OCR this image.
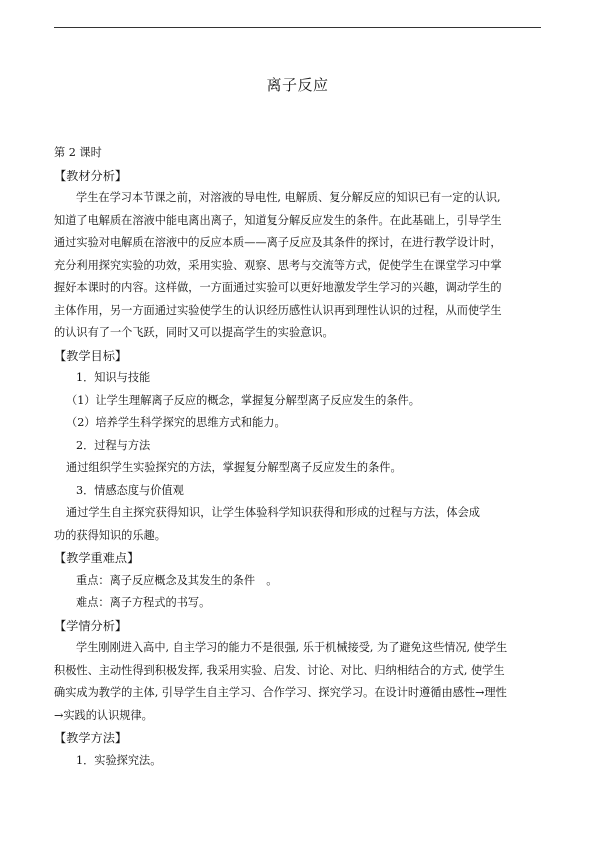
离子反应
第 2 课时
【教材分析】
学生在学习本节课之前，对溶液的导电性, 电解质、复分解反应的知识已有一定的认识,
知道了电解质在溶液中能电离出离子，知道复分解反应发生的条件。在此基础上，引导学生
通过实验对电解质在溶液中的反应本质——离子反应及其条件的探讨，在进行教学设计时，
充分利用探究实验的功效，采用实验、观察、思考与交流等方式，促使学生在课堂学习中掌
握好本课时的内容。这样做，一方面通过实验可以更好地激发学生学习的兴趣，调动学生的
主体作用，另一方面通过实验使学生的认识经历感性认识再到理性认识的过程，从而使学生
的认识有了一个飞跃，同时又可以提高学生的实验意识。
【教学目标】
1．知识与技能
（1）让学生理解离子反应的概念，掌握复分解型离子反应发生的条件。
（2）培养学生科学探究的思维方式和能力。
2．过程与方法
通过组织学生实验探究的方法，掌握复分解型离子反应发生的条件。
3．情感态度与价值观
通过学生自主探究获得知识，让学生体验科学知识获得和形成的过程与方法，体会成
功的获得知识的乐趣。
【教学重难点】
重点：离子反应概念及其发生的条件　。
难点：离子方程式的书写。
【学情分析】
学生刚刚进入高中, 自主学习的能力不是很强, 乐于机械接受, 为了避免这些情况, 使学生
积极性、主动性得到积极发挥, 我采用实验、启发、讨论、对比、归纳相结合的方式, 使学生
确实成为教学的主体, 引导学生自主学习、合作学习、探究学习。在设计时遵循由感性→理性
→实践的认识规律。
【教学方法】
1．实验探究法。
